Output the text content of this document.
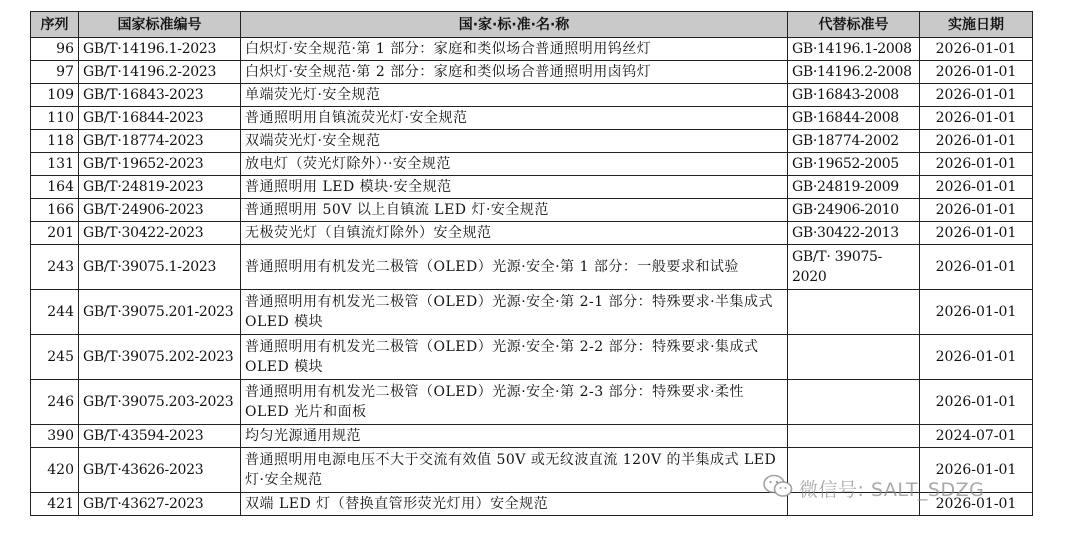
序列	国家标准编号	国·家·标·准·名·称	代替标准号	实施日期
96	GB/T·14196.1-2023	白炽灯·安全规范·第 1 部分：家庭和类似场合普通照明用钨丝灯	GB·14196.1-2008	2026-01-01
97	GB/T·14196.2-2023	白炽灯·安全规范·第 2 部分：家庭和类似场合普通照明用卤钨灯	GB·14196.2-2008	2026-01-01
109	GB/T·16843-2023	单端荧光灯·安全规范	GB·16843-2008	2026-01-01
110	GB/T·16844-2023	普通照明用自镇流荧光灯·安全规范	GB·16844-2008	2026-01-01
118	GB/T·18774-2023	双端荧光灯·安全规范	GB·18774-2002	2026-01-01
131	GB/T·19652-2023	放电灯（荧光灯除外）··安全规范	GB·19652-2005	2026-01-01
164	GB/T·24819-2023	普通照明用 LED 模块·安全规范	GB·24819-2009	2026-01-01
166	GB/T·24906-2023	普通照明用 50V 以上自镇流 LED 灯·安全规范	GB·24906-2010	2026-01-01
201	GB/T·30422-2023	无极荧光灯（自镇流灯除外）安全规范	GB·30422-2013	2026-01-01
243	GB/T·39075.1-2023	普通照明用有机发光二极管（OLED）光源·安全·第 1 部分：一般要求和试验	GB/T· 39075-2020	2026-01-01
244	GB/T·39075.201-2023	普通照明用有机发光二极管（OLED）光源·安全·第 2-1 部分：特殊要求·半集成式 OLED 模块		2026-01-01
245	GB/T·39075.202-2023	普通照明用有机发光二极管（OLED）光源·安全·第 2-2 部分：特殊要求·集成式 OLED 模块		2026-01-01
246	GB/T·39075.203-2023	普通照明用有机发光二极管（OLED）光源·安全·第 2-3 部分：特殊要求·柔性 OLED 光片和面板		2026-01-01
390	GB/T·43594-2023	均匀光源通用规范		2024-07-01
420	GB/T·43626-2023	普通照明用电源电压不大于交流有效值 50V 或无纹波直流 120V 的半集成式 LED 灯·安全规范		2026-01-01
421	GB/T·43627-2023	双端 LED 灯（替换直管形荧光灯用）安全规范		2026-01-01
微信号: SALT_SDZG
